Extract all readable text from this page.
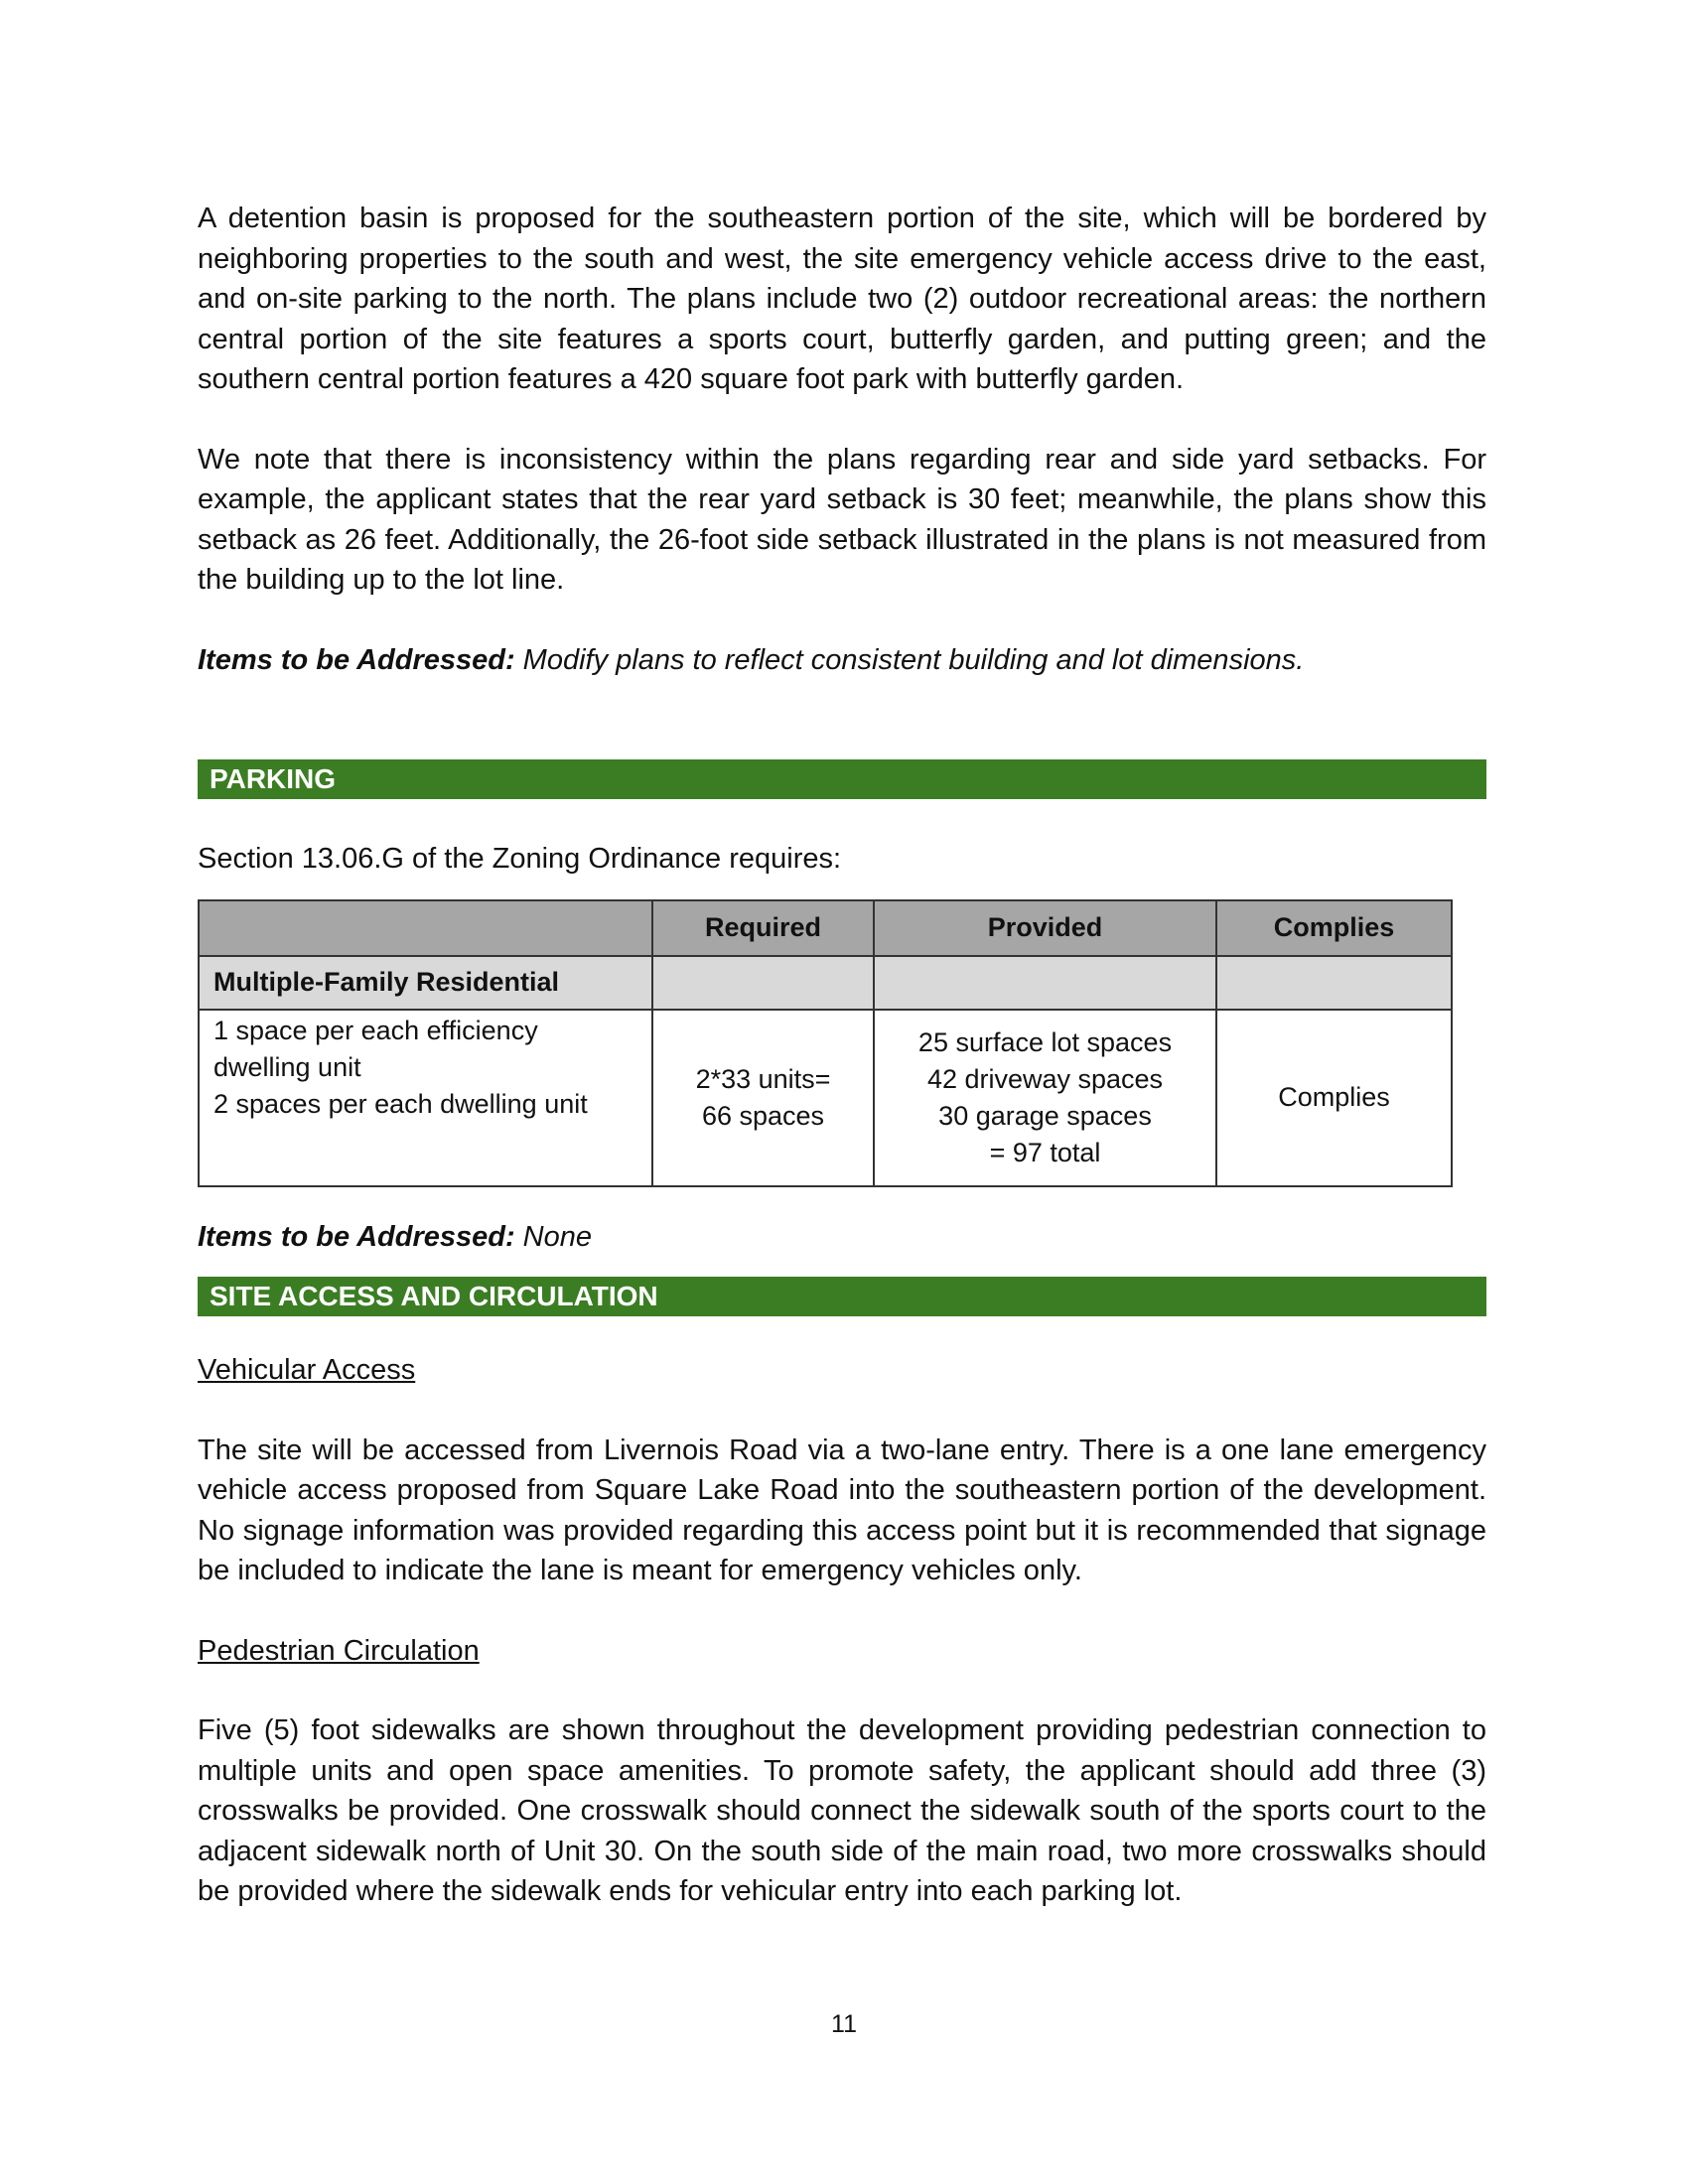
A detention basin is proposed for the southeastern portion of the site, which will be bordered by neighboring properties to the south and west, the site emergency vehicle access drive to the east, and on-site parking to the north. The plans include two (2) outdoor recreational areas: the northern central portion of the site features a sports court, butterfly garden, and putting green; and the southern central portion features a 420 square foot park with butterfly garden.

We note that there is inconsistency within the plans regarding rear and side yard setbacks. For example, the applicant states that the rear yard setback is 30 feet; meanwhile, the plans show this setback as 26 feet. Additionally, the 26-foot side setback illustrated in the plans is not measured from the building up to the lot line.

Items to be Addressed: Modify plans to reflect consistent building and lot dimensions.

PARKING

Section 13.06.G of the Zoning Ordinance requires:

	Required	Provided	Complies
Multiple-Family Residential			

1 space per each efficiency
dwelling unit
2 spaces per each dwelling unit	2*33 units=
66 spaces	25 surface lot spaces
42 driveway spaces
30 garage spaces
= 97 total	Complies

Items to be Addressed: None

SITE ACCESS AND CIRCULATION

Vehicular Access

The site will be accessed from Livernois Road via a two-lane entry. There is a one lane emergency vehicle access proposed from Square Lake Road into the southeastern portion of the development. No signage information was provided regarding this access point but it is recommended that signage be included to indicate the lane is meant for emergency vehicles only.

Pedestrian Circulation

Five (5) foot sidewalks are shown throughout the development providing pedestrian connection to multiple units and open space amenities. To promote safety, the applicant should add three (3) crosswalks be provided. One crosswalk should connect the sidewalk south of the sports court to the adjacent sidewalk north of Unit 30. On the south side of the main road, two more crosswalks should be provided where the sidewalk ends for vehicular entry into each parking lot.

11
